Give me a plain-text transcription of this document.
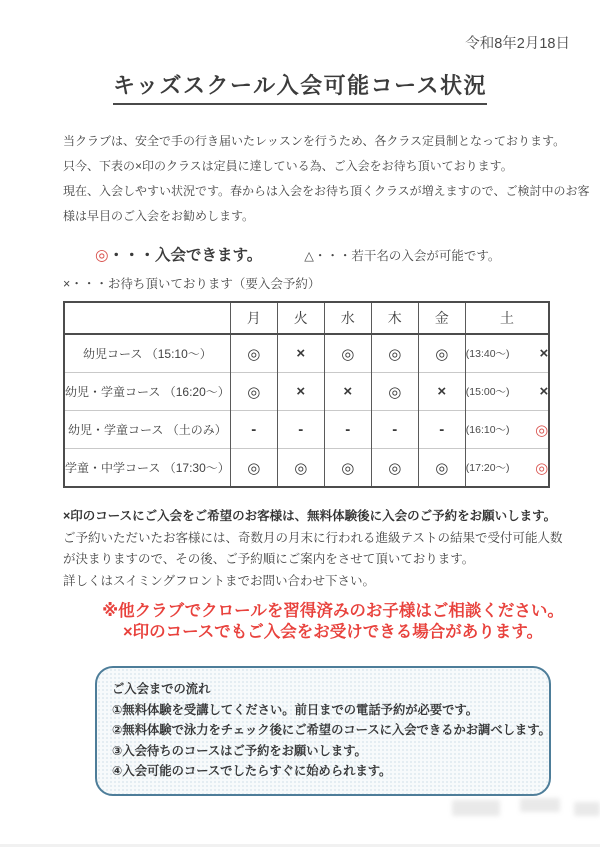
令和8年2月18日
キッズスクール入会可能コース状況
当クラブは、安全で手の行き届いたレッスンを行うため、各クラス定員制となっております。
只今、下表の×印のクラスは定員に達している為、ご入会をお待ち頂いております。
現在、入会しやすい状況です。春からは入会をお待ち頂くクラスが増えますので、ご検討中のお客
様は早目のご入会をお勧めします。
◎・・・入会できます。	△・・・若干名の入会が可能です。
×・・・お待ち頂いております（要入会予約）
	月	火	水	木	金	土
幼児コース （15:10～）	◎	×	◎	◎	◎	(13:40～) ×

幼児・学童コース （16:20～）	◎	×	×	◎	×	(15:00～) ×

幼児・学童コース （土のみ）	-	-	-	-	-	(16:10～) ◎

学童・中学コース （17:30～）	◎	◎	◎	◎	◎	(17:20～) ◎
×印のコースにご入会をご希望のお客様は、無料体験後に入会のご予約をお願いします。
ご予約いただいたお客様には、奇数月の月末に行われる進級テストの結果で受付可能人数
が決まりますので、その後、ご予約順にご案内をさせて頂いております。
詳しくはスイミングフロントまでお問い合わせ下さい。
※他クラブでクロールを習得済みのお子様はご相談ください。
×印のコースでもご入会をお受けできる場合があります。
ご入会までの流れ
①無料体験を受講してください。前日までの電話予約が必要です。
②無料体験で泳力をチェック後にご希望のコースに入会できるかお調べします。
③入会待ちのコースはご予約をお願いします。
④入会可能のコースでしたらすぐに始められます。
